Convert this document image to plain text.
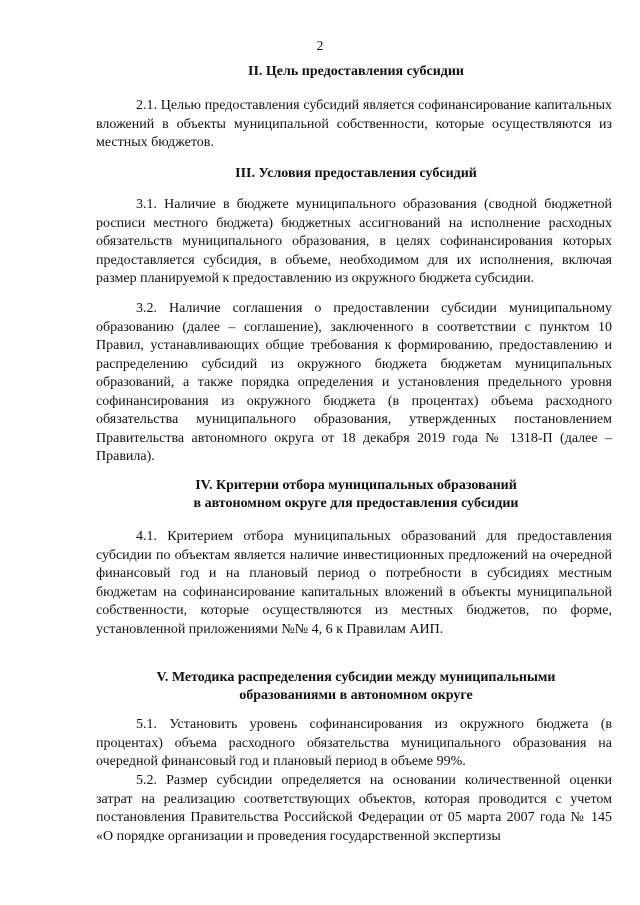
2
II. Цель предоставления субсидии

2.1. Целью предоставления субсидий является софинансирование капитальных вложений в объекты муниципальной собственности, которые осуществляются из местных бюджетов.

III. Условия предоставления субсидий

3.1. Наличие в бюджете муниципального образования (сводной бюджетной росписи местного бюджета) бюджетных ассигнований на исполнение расходных обязательств муниципального образования, в целях софинансирования которых предоставляется субсидия, в объеме, необходимом для их исполнения, включая размер планируемой к предоставлению из окружного бюджета субсидии.

3.2. Наличие соглашения о предоставлении субсидии муниципальному образованию (далее – соглашение), заключенного в соответствии с пунктом 10 Правил, устанавливающих общие требования к формированию, предоставлению и распределению субсидий из окружного бюджета бюджетам муниципальных образований, а также порядка определения и установления предельного уровня софинансирования из окружного бюджета (в процентах) объема расходного обязательства муниципального образования, утвержденных постановлением Правительства автономного округа от 18 декабря 2019 года № 1318-П (далее – Правила).

IV. Критерии отбора муниципальных образований
в автономном округе для предоставления субсидии

4.1. Критерием отбора муниципальных образований для предоставления субсидии по объектам является наличие инвестиционных предложений на очередной финансовый год и на плановый период о потребности в субсидиях местным бюджетам на софинансирование капитальных вложений в объекты муниципальной собственности, которые осуществляются из местных бюджетов, по форме, установленной приложениями №№ 4, 6 к Правилам АИП.

V. Методика распределения субсидии между муниципальными
образованиями в автономном округе

5.1. Установить уровень софинансирования из окружного бюджета (в процентах) объема расходного обязательства муниципального образования на очередной финансовый год и плановый период в объеме 99%.

5.2. Размер субсидии определяется на основании количественной оценки затрат на реализацию соответствующих объектов, которая проводится с учетом постановления Правительства Российской Федерации от 05 марта 2007 года № 145 «О порядке организации и проведения государственной экспертизы
